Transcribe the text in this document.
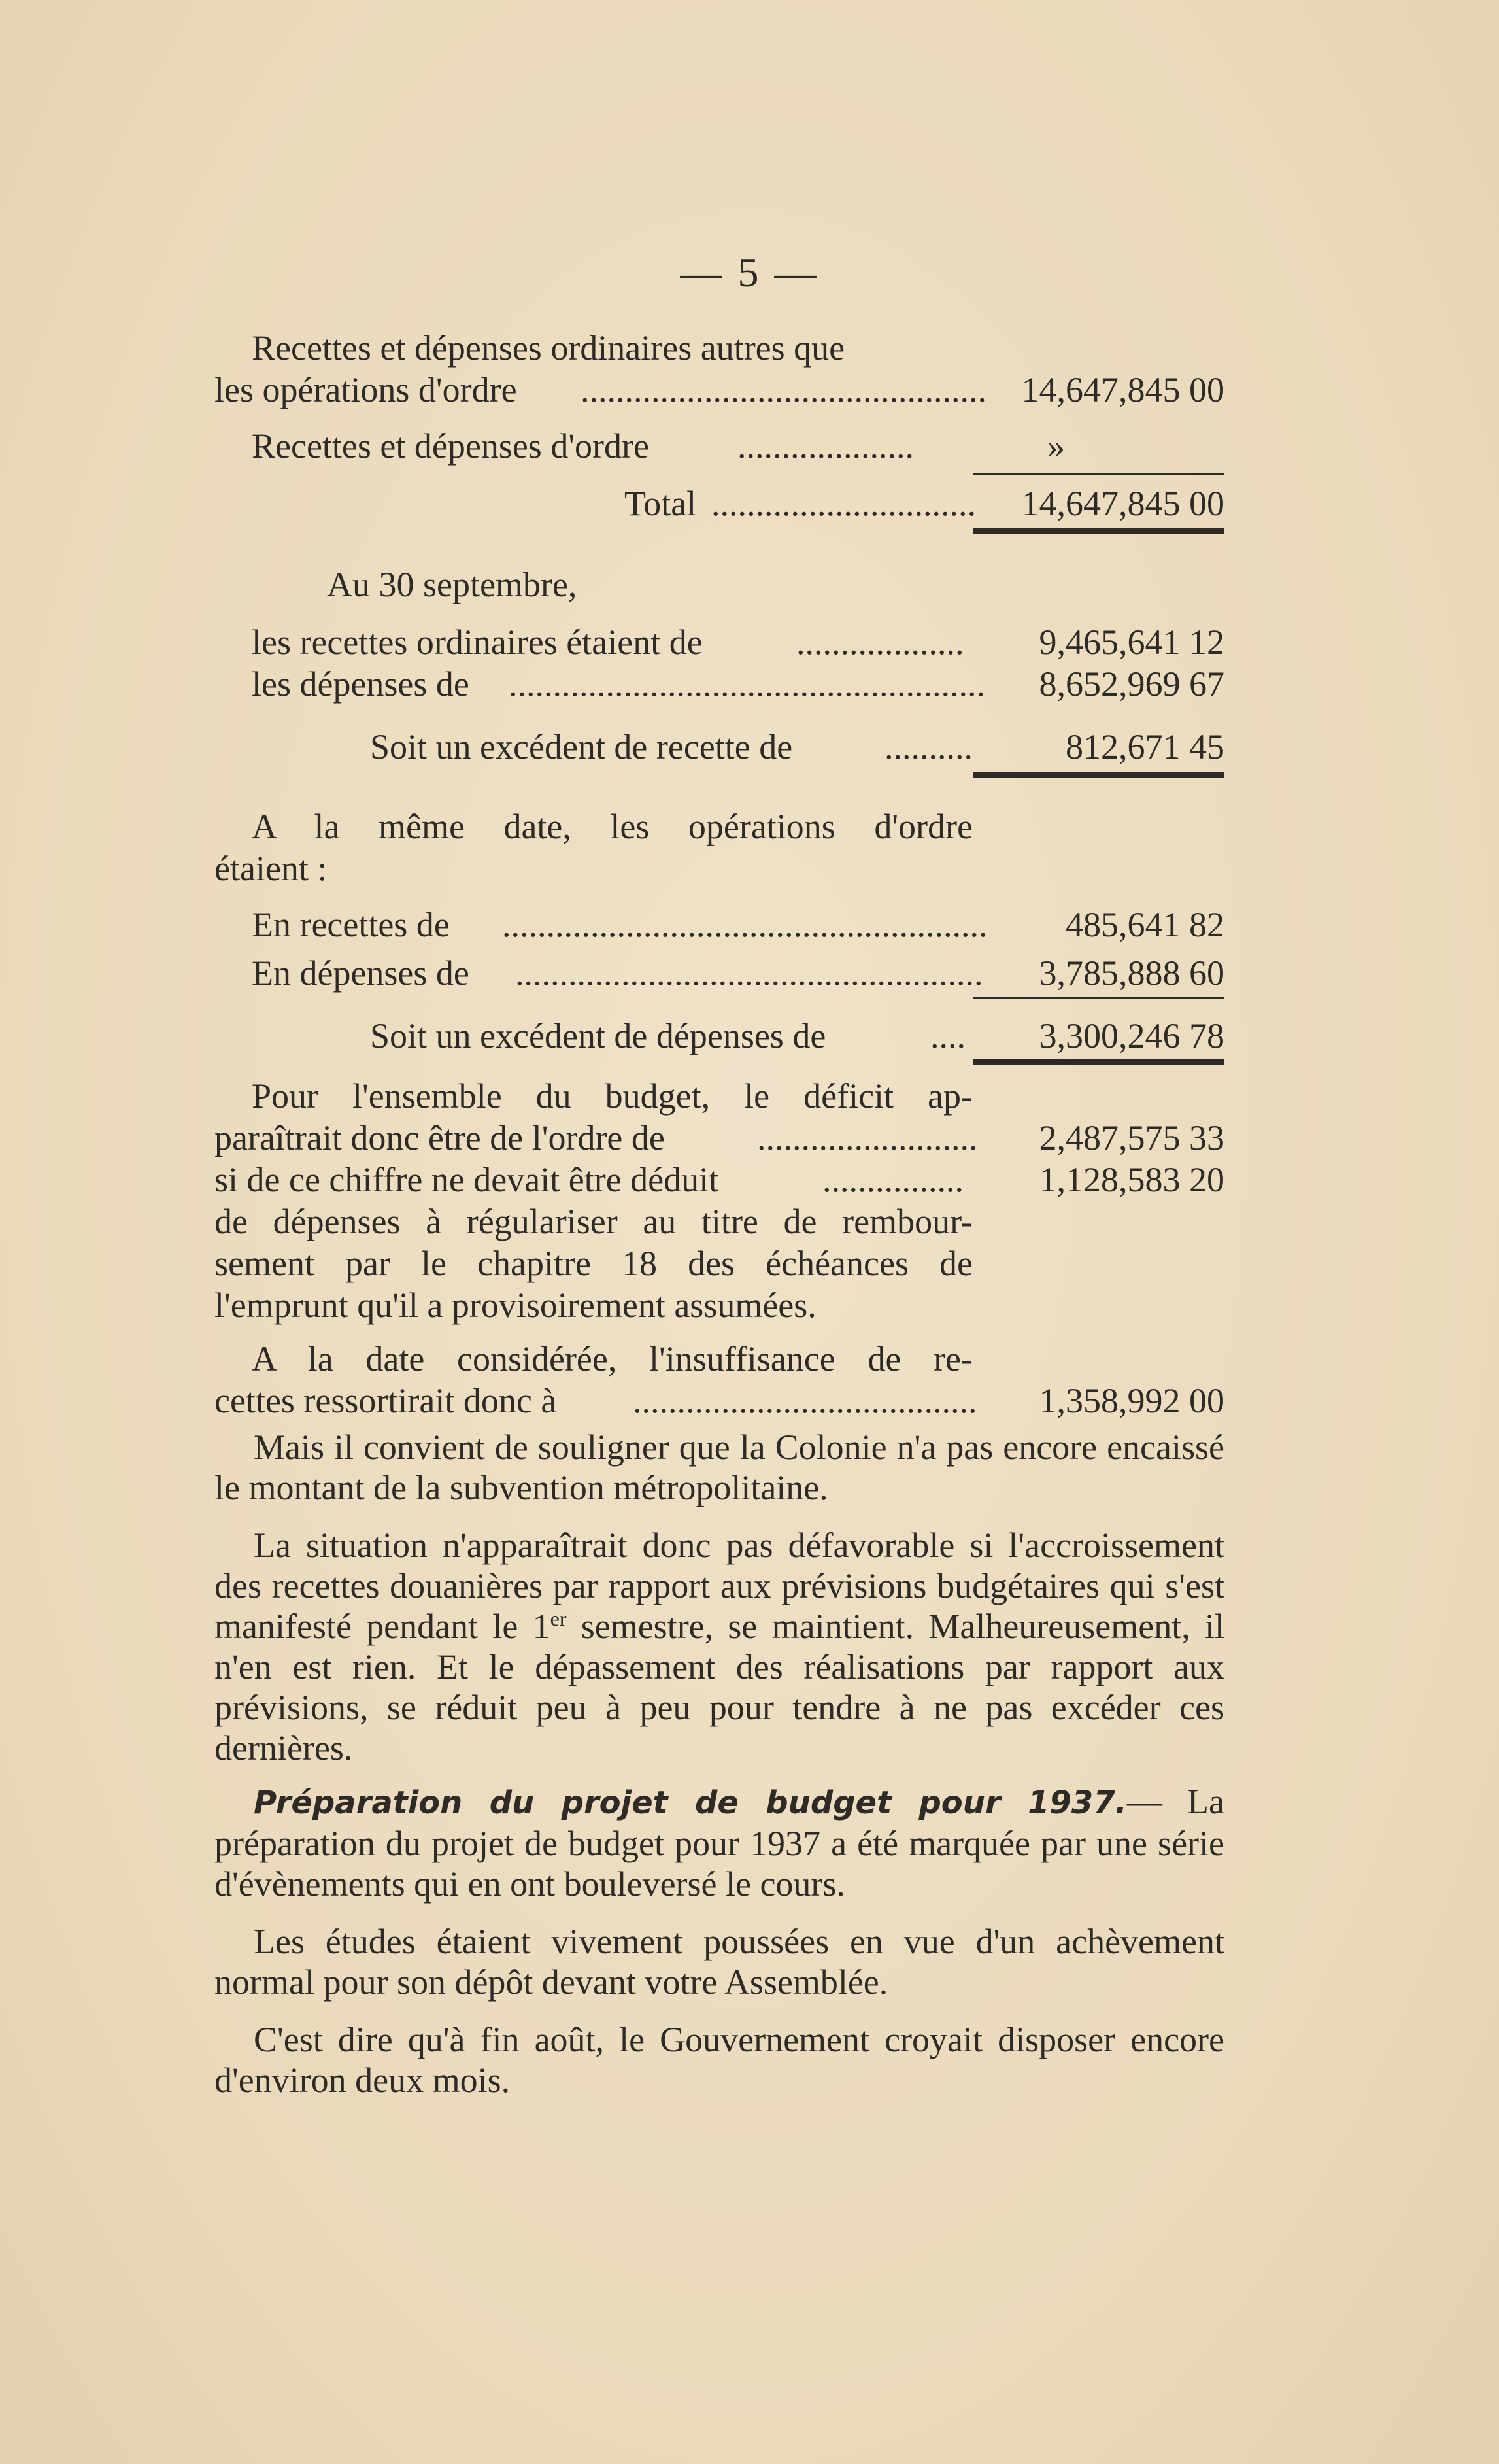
— 5 —
Recettes et dépenses ordinaires autres que
les opérations d'ordre .............................................. 14,647,845 00
Recettes et dépenses d'ordre	....................	»
Total ..............................	14,647,845 00
Au 30 septembre,
les recettes ordinaires étaient de	...................	9,465,641 12
les dépenses de ......................................................	8,652,969 67
Soit un excédent de recette de	..........	812,671 45
A la même date, les opérations d'ordre
étaient :
En recettes de .......................................................	485,641 82
En dépenses de .....................................................	3,785,888 60
Soit un excédent de dépenses de	....	3,300,246 78
Pour l'ensemble du budget, le déficit ap-
paraîtrait donc être de l'ordre de	.........................	2,487,575 33
si de ce chiffre ne devait être déduit	................	1,128,583 20
de dépenses à régulariser au titre de rembour-
sement par le chapitre 18 des échéances de
l'emprunt qu'il a provisoirement assumées.
A la date considérée, l'insuffisance de re-
cettes ressortirait donc à .......................................	1,358,992 00
Mais il convient de souligner que la Colonie n'a pas encore encaissé le montant de la subvention métropolitaine.
La situation n'apparaîtrait donc pas défavorable si l'accroissement des recettes douanières par rapport aux prévisions budgétaires qui s'est manifesté pendant le 1er semestre, se maintient. Malheureusement, il n'en est rien. Et le dépassement des réalisations par rapport aux prévisions, se réduit peu à peu pour tendre à ne pas excéder ces dernières.
Préparation du projet de budget pour 1937.— La préparation du projet de budget pour 1937 a été marquée par une série d'évènements qui en ont bouleversé le cours.
Les études étaient vivement poussées en vue d'un achèvement normal pour son dépôt devant votre Assemblée.
C'est dire qu'à fin août, le Gouvernement croyait disposer encore d'environ deux mois.
